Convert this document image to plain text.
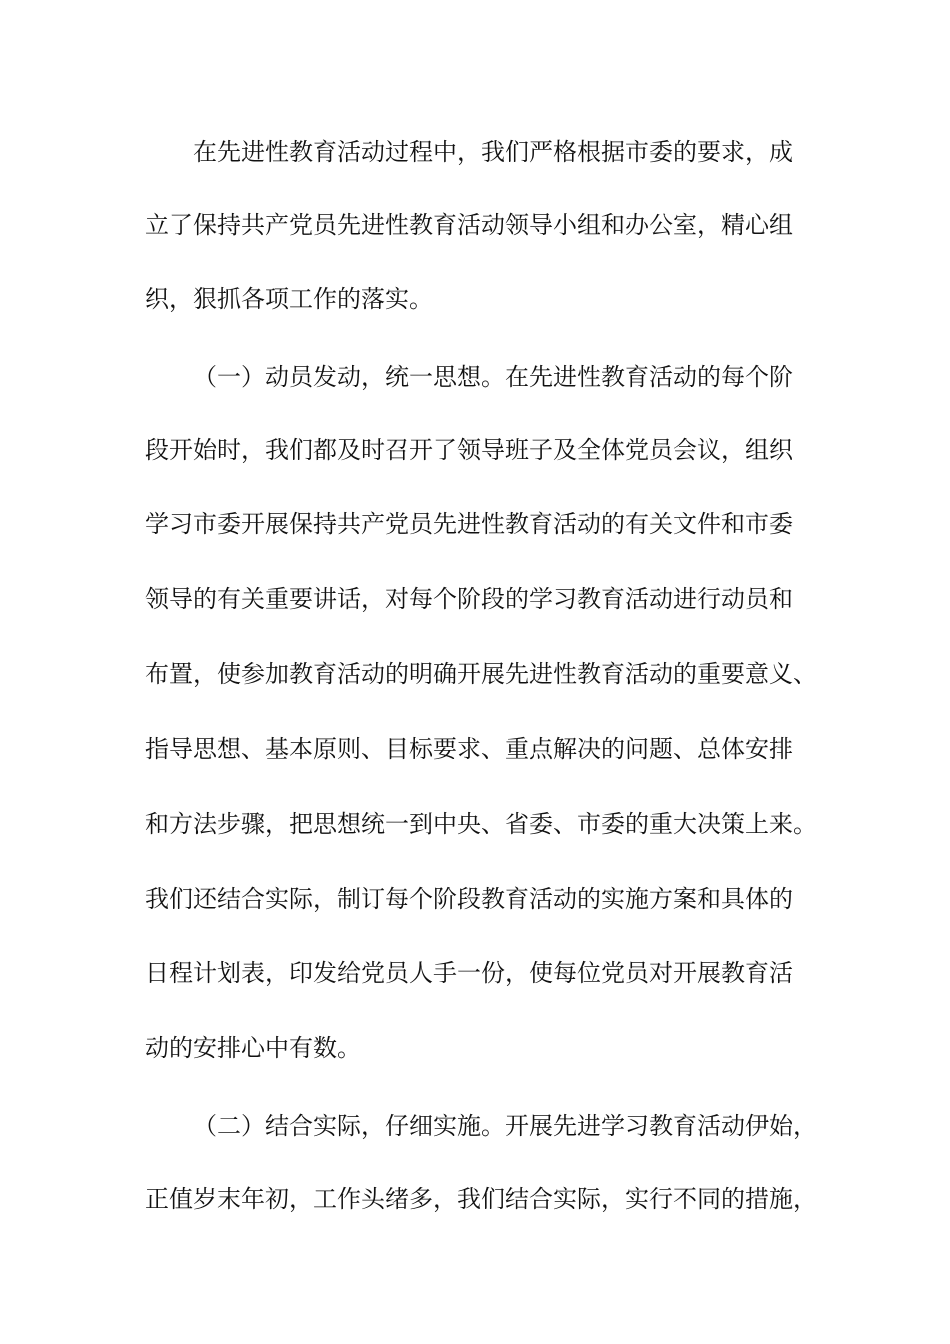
在先进性教育活动过程中，我们严格根据市委的要求，成

立了保持共产党员先进性教育活动领导小组和办公室，精心组

织，狠抓各项工作的落实。

（一）动员发动，统一思想。在先进性教育活动的每个阶

段开始时，我们都及时召开了领导班子及全体党员会议，组织

学习市委开展保持共产党员先进性教育活动的有关文件和市委

领导的有关重要讲话，对每个阶段的学习教育活动进行动员和

布置，使参加教育活动的明确开展先进性教育活动的重要意义、

指导思想、基本原则、目标要求、重点解决的问题、总体安排

和方法步骤，把思想统一到中央、省委、市委的重大决策上来。

我们还结合实际，制订每个阶段教育活动的实施方案和具体的

日程计划表，印发给党员人手一份，使每位党员对开展教育活

动的安排心中有数。

（二）结合实际，仔细实施。开展先进学习教育活动伊始，

正值岁末年初，工作头绪多，我们结合实际，实行不同的措施，
